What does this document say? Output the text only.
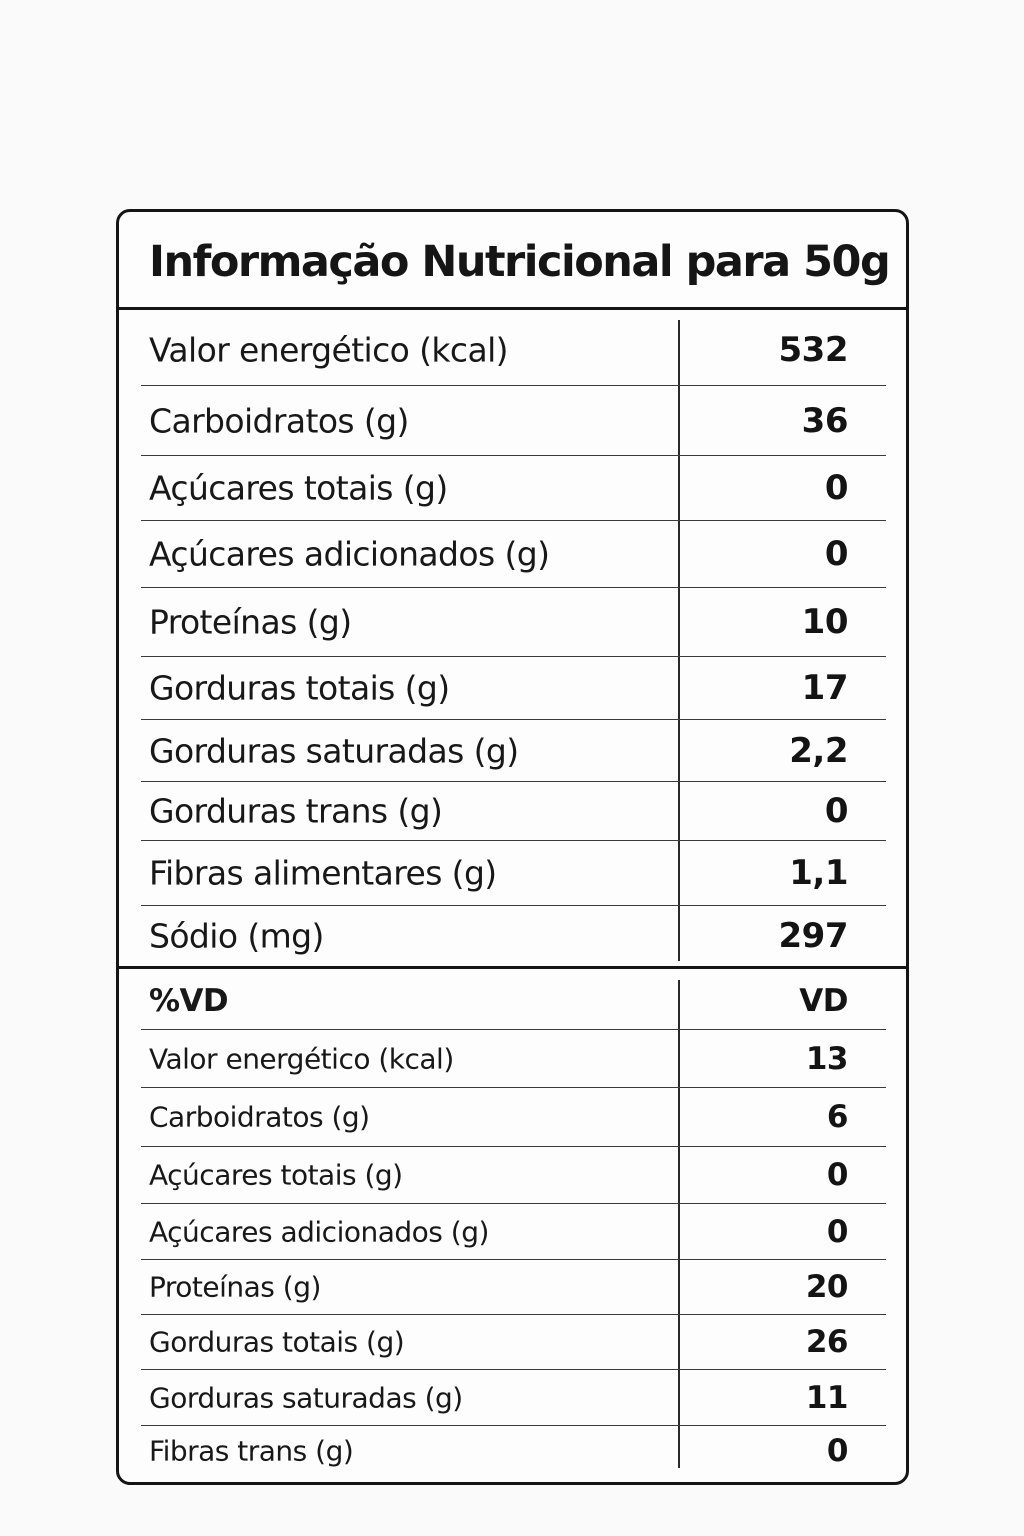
Informação Nutricional para 50g
Valor energético (kcal)	532
Carboidratos (g)	36
Açúcares totais (g)	0
Açúcares adicionados (g)	0
Proteínas (g)	10
Gorduras totais (g)	17
Gorduras saturadas (g)	2,2
Gorduras trans (g)	0
Fibras alimentares (g)	1,1
Sódio (mg)	297
%VD	VD
Valor energético (kcal)	13
Carboidratos (g)	6
Açúcares totais (g)	0
Açúcares adicionados (g)	0
Proteínas (g)	20
Gorduras totais (g)	26
Gorduras saturadas (g)	11
Fibras trans (g)	0
